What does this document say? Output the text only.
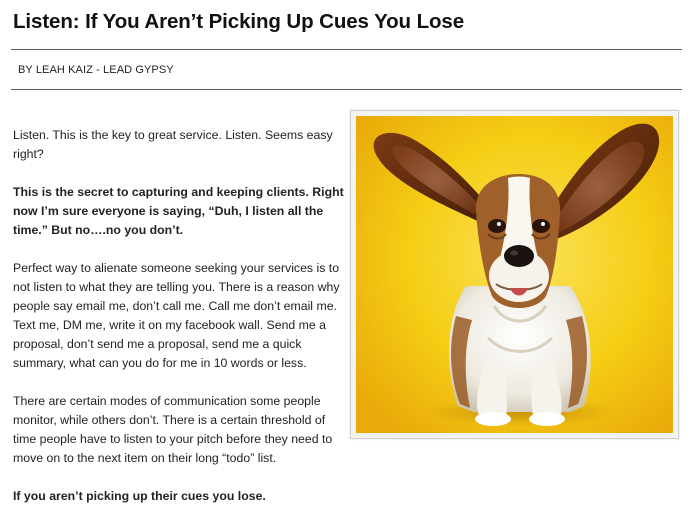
Listen: If You Aren’t Picking Up Cues You Lose
BY LEAH KAIZ - LEAD GYPSY

Listen. This is the key to great service. Listen. Seems easy right?

This is the secret to capturing and keeping clients. Right now I’m sure everyone is saying, “Duh, I listen all the time.” But no….no you don’t.

Perfect way to alienate someone seeking your services is to not listen to what they are telling you. There is a reason why people say email me, don’t call me. Call me don’t email me. Text me, DM me, write it on my facebook wall. Send me a proposal, don’t send me a proposal, send me a quick summary, what can you do for me in 10 words or less.

There are certain modes of communication some people monitor, while others don’t. There is a certain threshold of time people have to listen to your pitch before they need to move on to the next item on their long “todo” list.

If you aren’t picking up their cues you lose.
